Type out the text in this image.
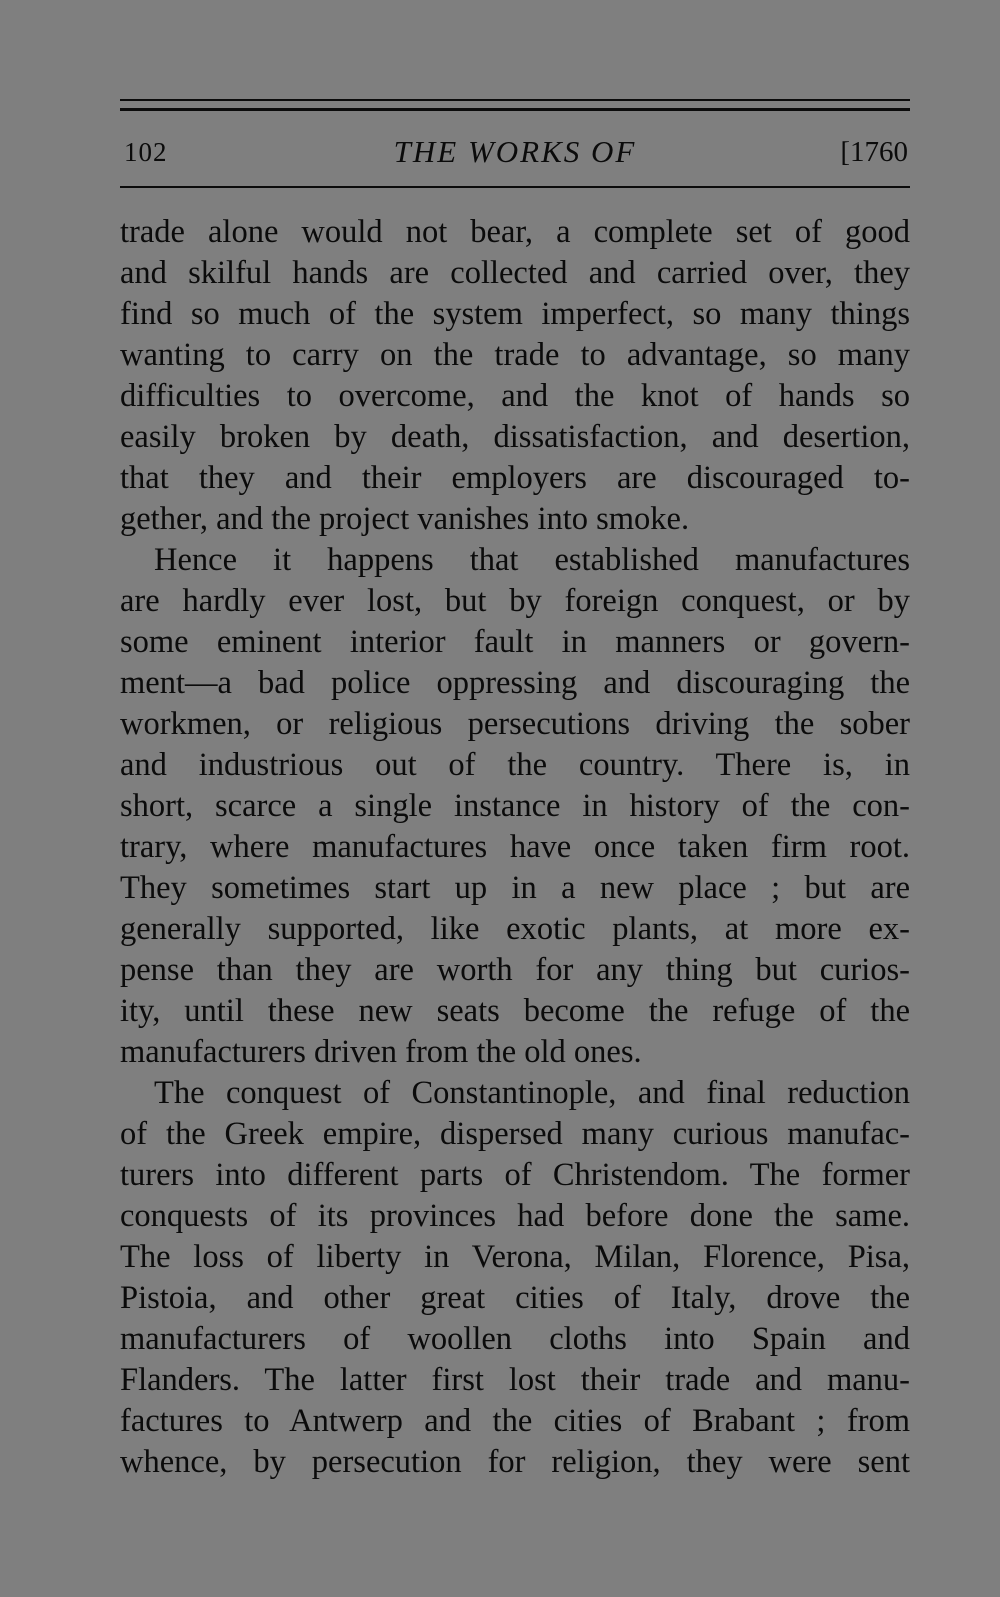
102	THE WORKS OF	[1760
trade alone would not bear, a complete set of good
and skilful hands are collected and carried over, they
find so much of the system imperfect, so many things
wanting to carry on the trade to advantage, so many
difficulties to overcome, and the knot of hands so
easily broken by death, dissatisfaction, and desertion,
that they and their employers are discouraged to-
gether, and the project vanishes into smoke.
Hence it happens that established manufactures
are hardly ever lost, but by foreign conquest, or by
some eminent interior fault in manners or govern-
ment—a bad police oppressing and discouraging the
workmen, or religious persecutions driving the sober
and industrious out of the country. There is, in
short, scarce a single instance in history of the con-
trary, where manufactures have once taken firm root.
They sometimes start up in a new place ; but are
generally supported, like exotic plants, at more ex-
pense than they are worth for any thing but curios-
ity, until these new seats become the refuge of the
manufacturers driven from the old ones.
The conquest of Constantinople, and final reduction
of the Greek empire, dispersed many curious manufac-
turers into different parts of Christendom. The former
conquests of its provinces had before done the same.
The loss of liberty in Verona, Milan, Florence, Pisa,
Pistoia, and other great cities of Italy, drove the
manufacturers of woollen cloths into Spain and
Flanders. The latter first lost their trade and manu-
factures to Antwerp and the cities of Brabant ; from
whence, by persecution for religion, they were sent
